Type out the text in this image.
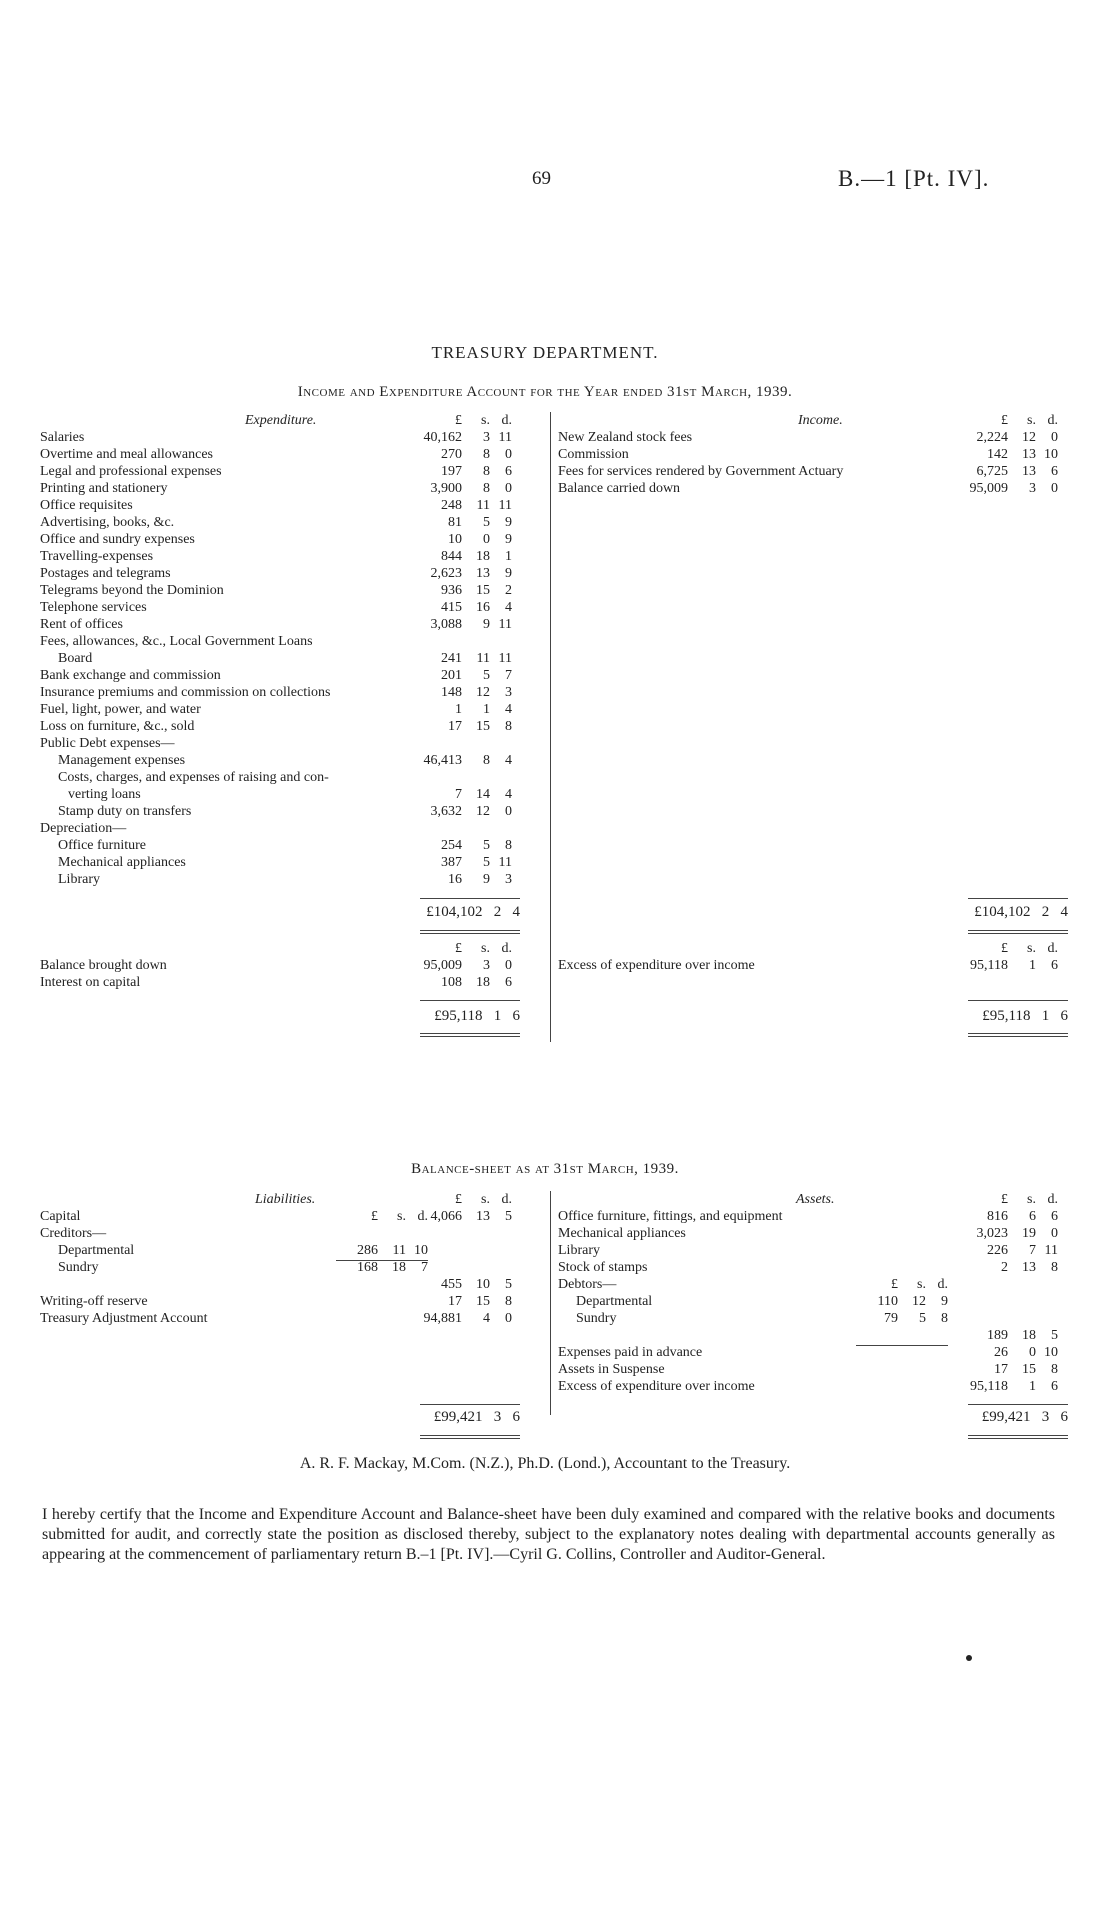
69	B.—1 [Pt. IV].
TREASURY DEPARTMENT.
Income and Expenditure Account for the Year ended 31st March, 1939.
Expenditure.	Income.
£	s. d.	£	s. d.
Salaries	40,162	3 11
Overtime and meal allowances	270	8	0
Legal and professional expenses	197	8	6
Printing and stationery	3,900	8	0
Office requisites	248	11 11
Advertising, books, &c.	81	5	9
Office and sundry expenses	10	0	9
Travelling-expenses	844	18	1
Postages and telegrams	2,623	13	9
Telegrams beyond the Dominion	936	15	2
Telephone services	415	16	4
Rent of offices	3,088	9 11
Fees, allowances, &c., Local Government Loans
Board	241	11 11
Bank exchange and commission	201	5	7
Insurance premiums and commission on collections	148	12	3
Fuel, light, power, and water	1	1	4
Loss on furniture, &c., sold	17	15	8
Public Debt expenses—
Management expenses	46,413	8	4
Costs, charges, and expenses of raising and con-
verting loans	7	14	4
Stamp duty on transfers	3,632	12	0
Depreciation—
Office furniture	254	5	8
Mechanical appliances	387	5 11
Library	16	9	3
New Zealand stock fees	2,224	12	0
Commission	142	13 10
Fees for services rendered by Government Actuary	6,725	13	6
Balance carried down	95,009	3	0
£104,102   2   4	£104,102   2   4
£	s. d.	£	s. d.
Balance brought down	95,009	3	0
Interest on capital	108	18	6
Excess of expenditure over income	95,118	1	6
£95,118   1   6	£95,118   1   6
Balance-sheet as at 31st March, 1939.
Liabilities.	Assets.
£	s. d.	£	s. d.
£	s. d.
£	s. d.
Capital	4,066	13	5
Creditors—
Departmental	286	11 10
Sundry	168	18	7
455	10	5
Writing-off reserve	17	15	8
Treasury Adjustment Account	94,881	4	0
Office furniture, fittings, and equipment	816	6	6
Mechanical appliances	3,023	19	0
Library	226	7 11
Stock of stamps	2	13	8
Debtors—
Departmental	110	12	9
Sundry	79	5	8
189	18	5
Expenses paid in advance	26	0 10
Assets in Suspense	17	15	8
Excess of expenditure over income	95,118	1	6
£99,421   3   6	£99,421   3   6
A. R. F. Mackay, M.Com. (N.Z.), Ph.D. (Lond.), Accountant to the Treasury.
I hereby certify that the Income and Expenditure Account and Balance-sheet have been duly examined and compared with the relative books and documents submitted for audit, and correctly state the position as disclosed thereby, subject to the explanatory notes dealing with departmental accounts generally as appearing at the commencement of parliamentary return B.–1 [Pt. IV].—Cyril G. Collins, Controller and Auditor-General.
